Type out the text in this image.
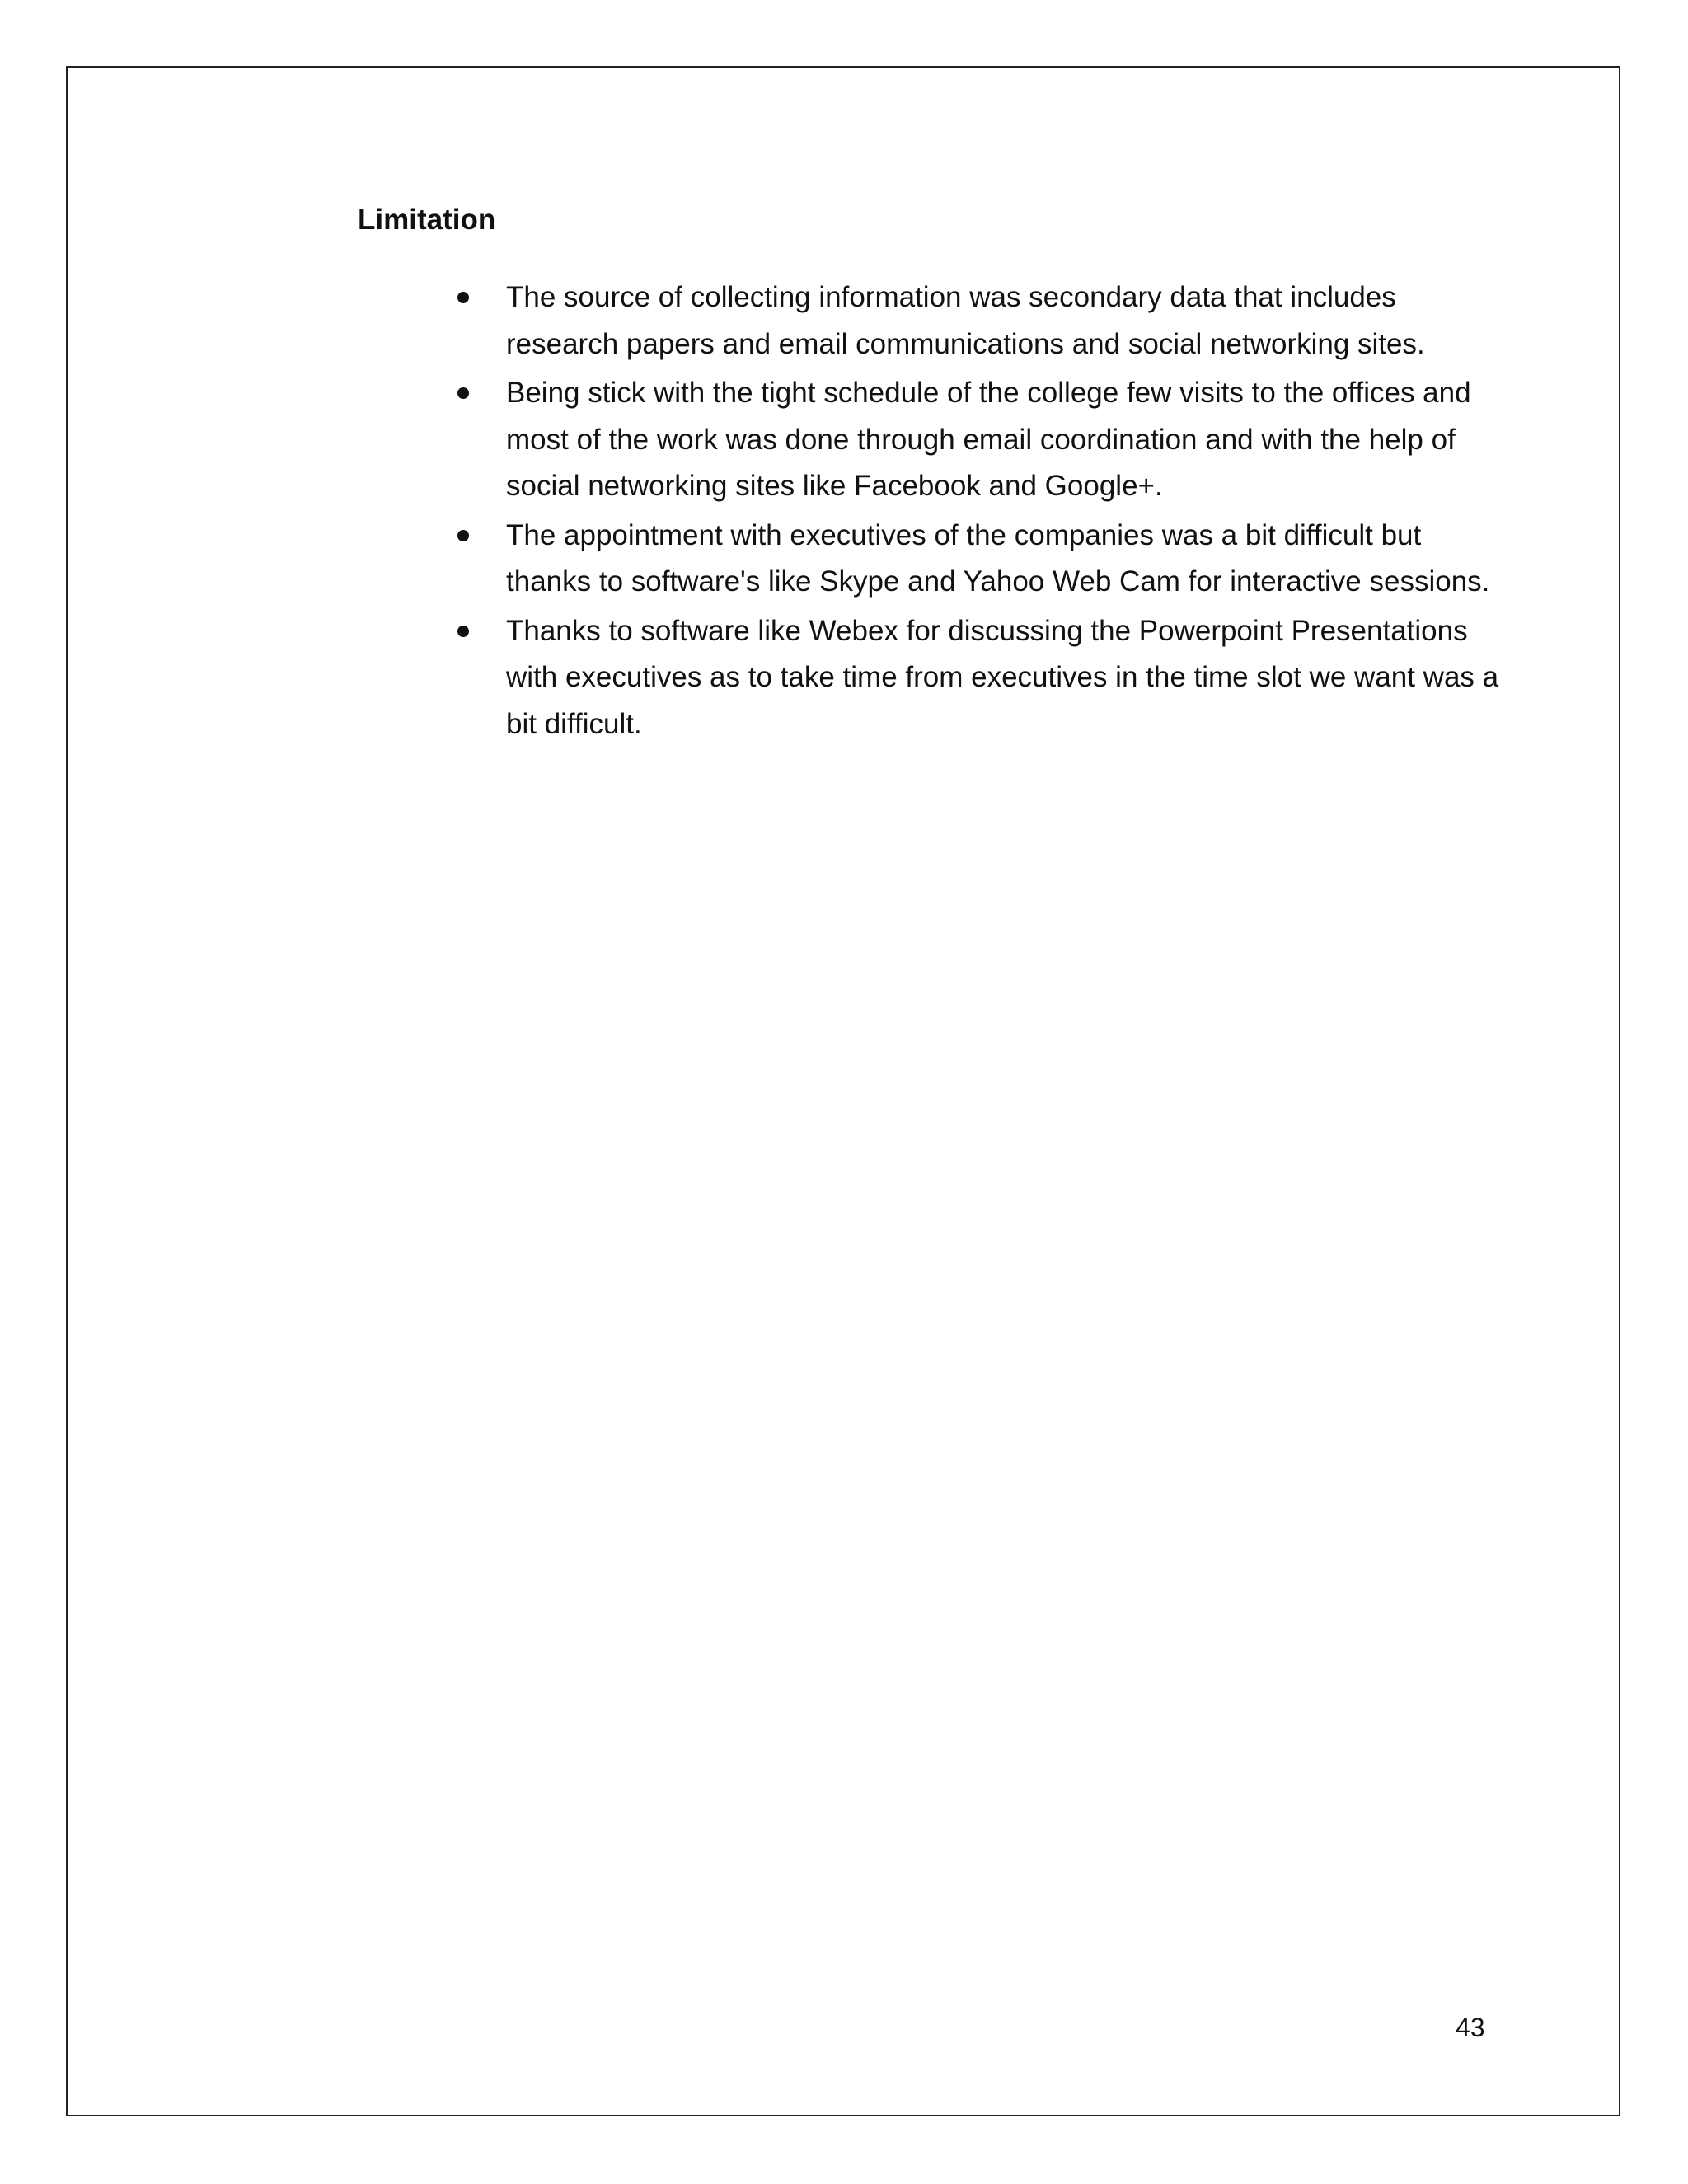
Limitation
The source of collecting information was secondary data that includes research papers and email communications and social networking sites.
Being stick with the tight schedule of the college few visits to the offices and most of the work was done through email coordination and with the help of social networking sites like Facebook and Google+.
The appointment with executives of the companies was a bit difficult but thanks to software's like Skype and Yahoo Web Cam for interactive sessions.
Thanks to software like Webex for discussing the Powerpoint Presentations with executives as to take time from executives in the time slot we want was a bit difficult.
43
